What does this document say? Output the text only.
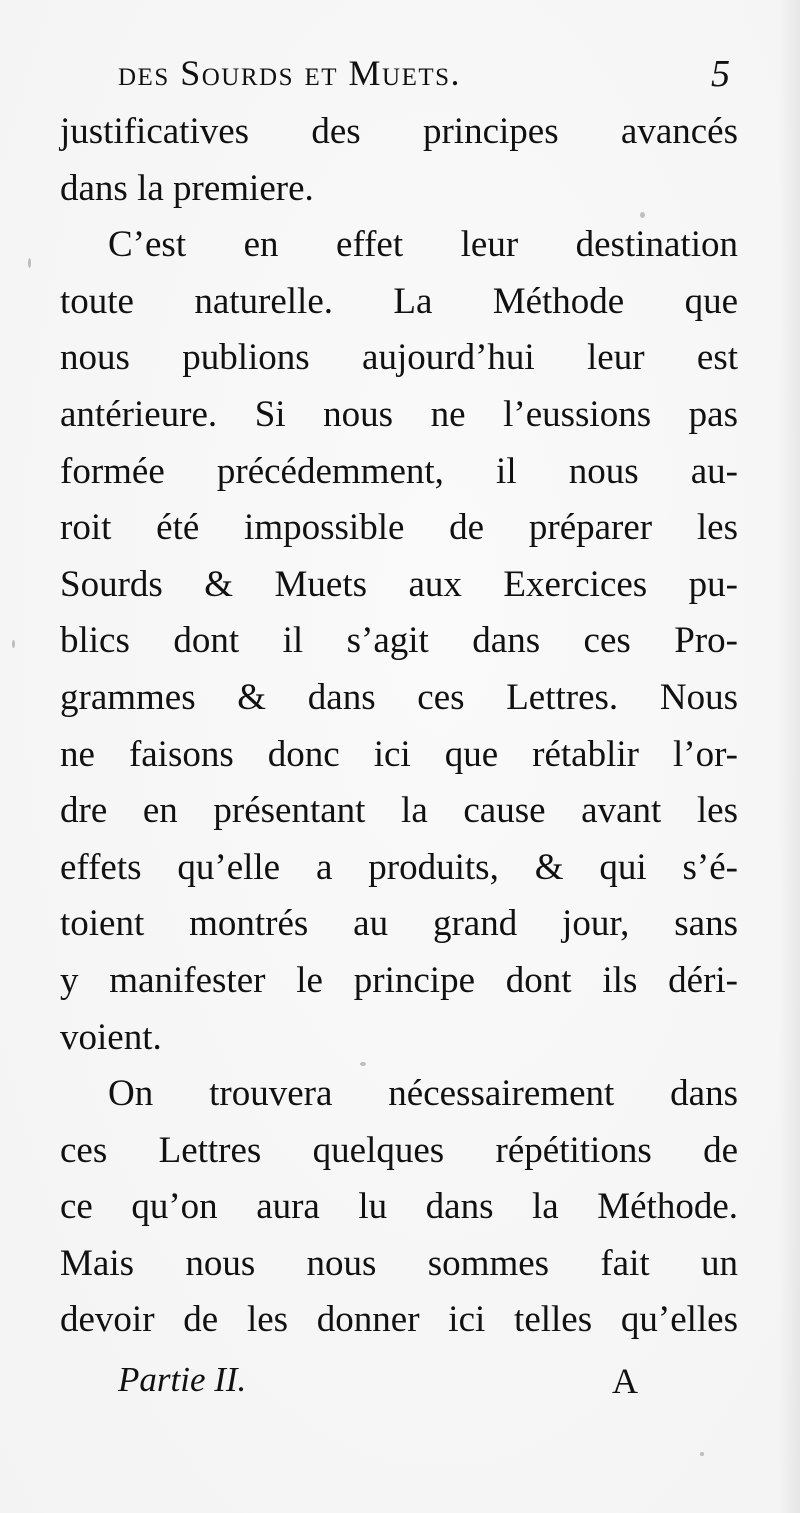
des Sourds et Muets.	5
justificatives des principes avancés
dans la premiere.
C’est en effet leur destination
toute naturelle. La Méthode que
nous publions aujourd’hui leur est
antérieure. Si nous ne l’eussions pas
formée précédemment, il nous au-
roit été impossible de préparer les
Sourds & Muets aux Exercices pu-
blics dont il s’agit dans ces Pro-
grammes & dans ces Lettres. Nous
ne faisons donc ici que rétablir l’or-
dre en présentant la cause avant les
effets qu’elle a produits, & qui s’é-
toient montrés au grand jour, sans
y manifester le principe dont ils déri-
voient.
On trouvera nécessairement dans
ces Lettres quelques répétitions de
ce qu’on aura lu dans la Méthode.
Mais nous nous sommes fait un
devoir de les donner ici telles qu’elles
Partie II.	A
